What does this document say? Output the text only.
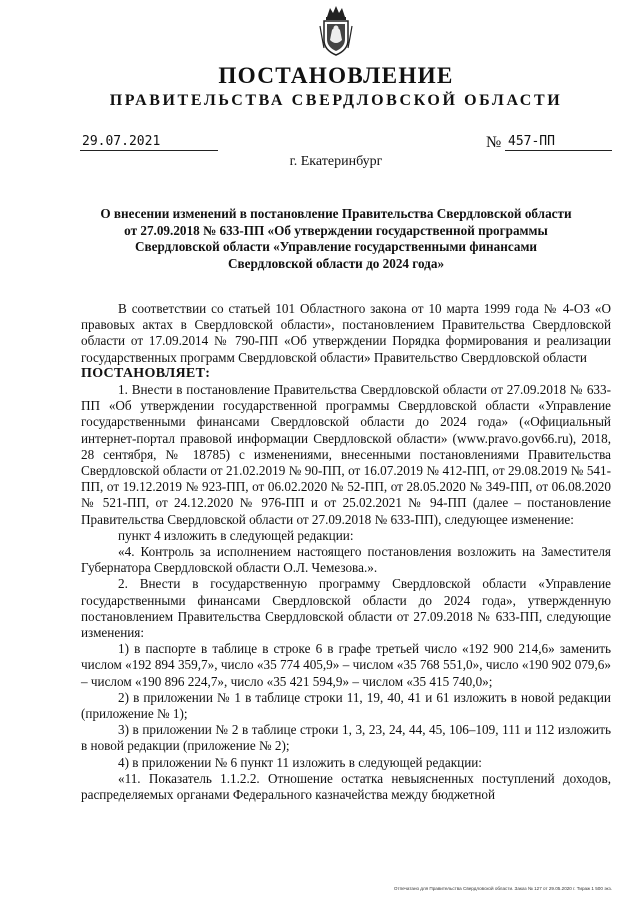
ПОСТАНОВЛЕНИЕ
ПРАВИТЕЛЬСТВА СВЕРДЛОВСКОЙ ОБЛАСТИ
29.07.2021	№ 457-ПП
г. Екатеринбург
О внесении изменений в постановление Правительства Свердловской области от 27.09.2018 № 633-ПП «Об утверждении государственной программы Свердловской области «Управление государственными финансами Свердловской области до 2024 года»

В соответствии со статьей 101 Областного закона от 10 марта 1999 года № 4-ОЗ «О правовых актах в Свердловской области», постановлением Правительства Свердловской области от 17.09.2014 № 790-ПП «Об утверждении Порядка формирования и реализации государственных программ Свердловской области» Правительство Свердловской области

ПОСТАНОВЛЯЕТ:

1. Внести в постановление Правительства Свердловской области от 27.09.2018 № 633-ПП «Об утверждении государственной программы Свердловской области «Управление государственными финансами Свердловской области до 2024 года» («Официальный интернет-портал правовой информации Свердловской области» (www.pravo.gov66.ru), 2018, 28 сентября, № 18785) с изменениями, внесенными постановлениями Правительства Свердловской области от 21.02.2019 № 90-ПП, от 16.07.2019 № 412-ПП, от 29.08.2019 № 541-ПП, от 19.12.2019 № 923-ПП, от 06.02.2020 № 52-ПП, от 28.05.2020 № 349-ПП, от 06.08.2020 № 521-ПП, от 24.12.2020 № 976-ПП и от 25.02.2021 № 94-ПП (далее – постановление Правительства Свердловской области от 27.09.2018 № 633-ПП), следующее изменение:

пункт 4 изложить в следующей редакции:

«4. Контроль за исполнением настоящего постановления возложить на Заместителя Губернатора Свердловской области О.Л. Чемезова.».

2. Внести в государственную программу Свердловской области «Управление государственными финансами Свердловской области до 2024 года», утвержденную постановлением Правительства Свердловской области от 27.09.2018 № 633-ПП, следующие изменения:

1) в паспорте в таблице в строке 6 в графе третьей число «192 900 214,6» заменить числом «192 894 359,7», число «35 774 405,9» – числом «35 768 551,0», число «190 902 079,6» – числом «190 896 224,7», число «35 421 594,9» – числом «35 415 740,0»;

2) в приложении № 1 в таблице строки 11, 19, 40, 41 и 61 изложить в новой редакции (приложение № 1);

3) в приложении № 2 в таблице строки 1, 3, 23, 24, 44, 45, 106–109, 111 и 112 изложить в новой редакции (приложение № 2);

4) в приложении № 6 пункт 11 изложить в следующей редакции:

«11. Показатель 1.1.2.2. Отношение остатка невыясненных поступлений доходов, распределяемых органами Федерального казначейства между бюджетной

Отпечатано для Правительства Свердловской области. Заказ № 127 от 29.05.2020 г. Тираж 1 500 экз.
